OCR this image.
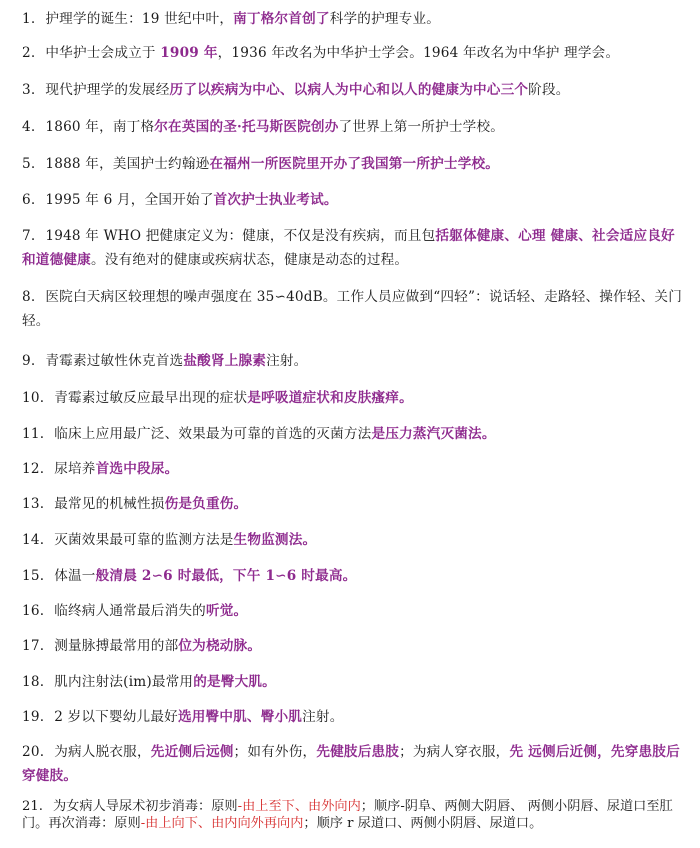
1. 护理学的诞生：19 世纪中叶，南丁格尔首创了科学的护理专业。
2. 中华护士会成立于 1909 年，1936 年改名为中华护士学会。1964 年改名为中华护 理学会。
3. 现代护理学的发展经历了以疾病为中心、以病人为中心和以人的健康为中心三个阶段。
4. 1860 年，南丁格尔在英国的圣·托马斯医院创办了世界上第一所护士学校。
5. 1888 年，美国护士约翰逊在福州一所医院里开办了我国第一所护士学校。
6. 1995 年 6 月，全国开始了首次护士执业考试。
7. 1948 年 WHO 把健康定义为：健康，不仅是没有疾病，而且包括躯体健康、心理 健康、社会适应良好和道德健康。没有绝对的健康或疾病状态，健康是动态的过程。
8. 医院白天病区较理想的噪声强度在 35∽40dB。工作人员应做到“四轻”：说话轻、走路轻、操作轻、关门轻。
9. 青霉素过敏性休克首选盐酸肾上腺素注射。
10. 青霉素过敏反应最早出现的症状是呼吸道症状和皮肤瘙痒。
11. 临床上应用最广泛、效果最为可靠的首选的灭菌方法是压力蒸汽灭菌法。
12. 尿培养首选中段尿。
13. 最常见的机械性损伤是负重伤。
14. 灭菌效果最可靠的监测方法是生物监测法。
15. 体温一般清晨 2∽6 时最低，下午 1∽6 时最高。
16. 临终病人通常最后消失的听觉。
17. 测量脉搏最常用的部位为桡动脉。
18. 肌内注射法(im)最常用的是臀大肌。
19. 2 岁以下婴幼儿最好选用臀中肌、臀小肌注射。
20. 为病人脱衣服，先近侧后远侧；如有外伤，先健肢后患肢；为病人穿衣服，先 远侧后近侧，先穿患肢后穿健肢。
21. 为女病人导尿术初步消毒：原则-由上至下、由外向内；顺序-阴阜、两侧大阴唇、 两侧小阴唇、尿道口至肛门。再次消毒：原则-由上向下、由内向外再向内；顺序 r 尿道口、两侧小阴唇、尿道口。
